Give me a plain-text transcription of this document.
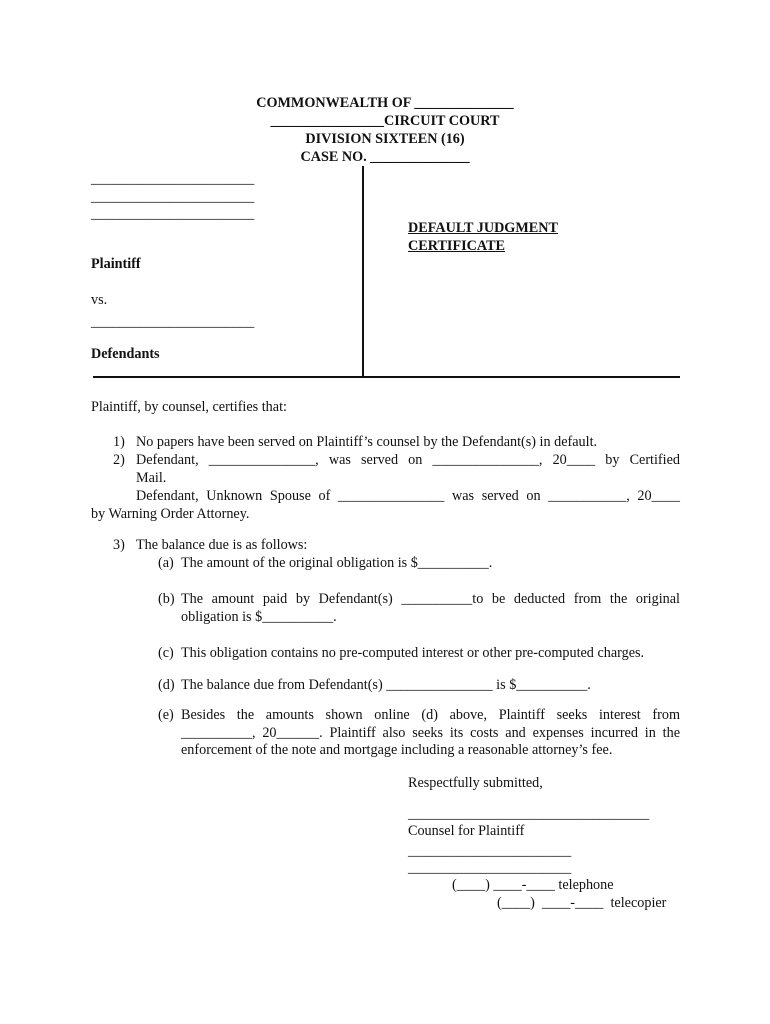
COMMONWEALTH OF ______________
________________CIRCUIT COURT
DIVISION SIXTEEN (16)
CASE NO. ______________
_______________________
_______________________
_______________________
Plaintiff
vs.
_______________________
Defendants
DEFAULT JUDGMENT
CERTIFICATE
Plaintiff, by counsel, certifies that:
1) No papers have been served on Plaintiff’s counsel by the Defendant(s) in default.
2) Defendant, _______________, was served on _______________, 20____ by Certified
Mail.
Defendant, Unknown Spouse of _______________ was served on ___________, 20____
by Warning Order Attorney.
3) The balance due is as follows:
(a) The amount of the original obligation is $__________.
(b) The amount paid by Defendant(s) __________to be deducted from the original
obligation is $__________.
(c) This obligation contains no pre-computed interest or other pre-computed charges.
(d) The balance due from Defendant(s) _______________ is $__________.
(e) Besides the amounts shown online (d) above, Plaintiff seeks interest from
__________, 20______. Plaintiff also seeks its costs and expenses incurred in the
enforcement of the note and mortgage including a reasonable attorney’s fee.
Respectfully submitted,
__________________________________
Counsel for Plaintiff
_______________________
_______________________
(____) ____-____ telephone
(____)  ____-____  telecopier
